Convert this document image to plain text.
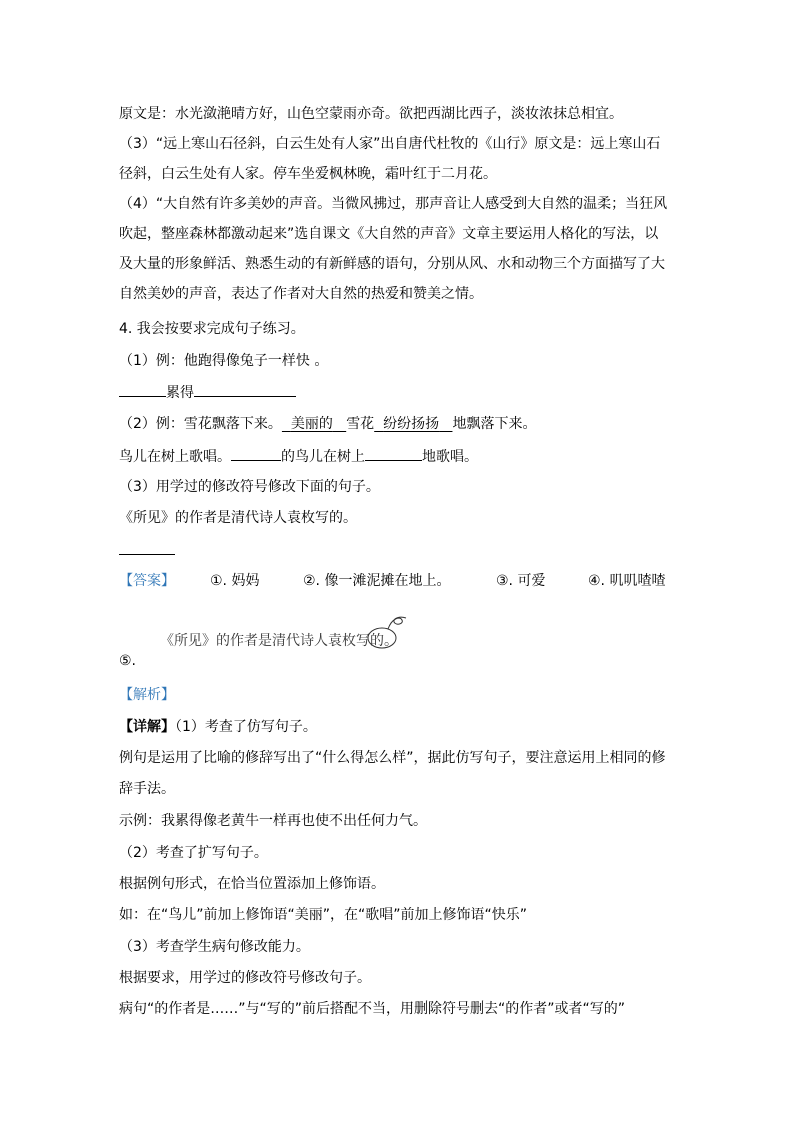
原文是：水光潋滟晴方好，山色空蒙雨亦奇。欲把西湖比西子，淡妆浓抹总相宜。
（3）“远上寒山石径斜，白云生处有人家”出自唐代杜牧的《山行》原文是：远上寒山石
径斜，白云生处有人家。停车坐爱枫林晚，霜叶红于二月花。
（4）“大自然有许多美妙的声音。当微风拂过，那声音让人感受到大自然的温柔；当狂风
吹起，整座森林都激动起来”选自课文《大自然的声音》文章主要运用人格化的写法，以
及大量的形象鲜活、熟悉生动的有新鲜感的语句，分别从风、水和动物三个方面描写了大
自然美妙的声音，表达了作者对大自然的热爱和赞美之情。
4. 我会按要求完成句子练习。
（1）例：他跑得像兔子一样快 。
累得
（2）例：雪花飘落下来。 美丽的 雪花 纷纷扬扬 地飘落下来。
鸟儿在树上歌唱。	的鸟儿在树上	地歌唱。
（3）用学过的修改符号修改下面的句子。
《所见》的作者是清代诗人袁枚写的。
【答案】	①. 妈妈	②. 像一滩泥摊在地上。	③. 可爱	④. 叽叽喳喳
《所见》的作者是清代诗人袁枚写的。
⑤.
【解析】
【详解】（1）考查了仿写句子。
例句是运用了比喻的修辞写出了“什么得怎么样”，据此仿写句子，要注意运用上相同的修
辞手法。
示例：我累得像老黄牛一样再也使不出任何力气。
（2）考查了扩写句子。
根据例句形式，在恰当位置添加上修饰语。
如：在“鸟儿”前加上修饰语“美丽”，在“歌唱”前加上修饰语“快乐”
（3）考查学生病句修改能力。
根据要求，用学过的修改符号修改句子。
病句“的作者是……”与“写的”前后搭配不当，用删除符号删去“的作者”或者“写的”
